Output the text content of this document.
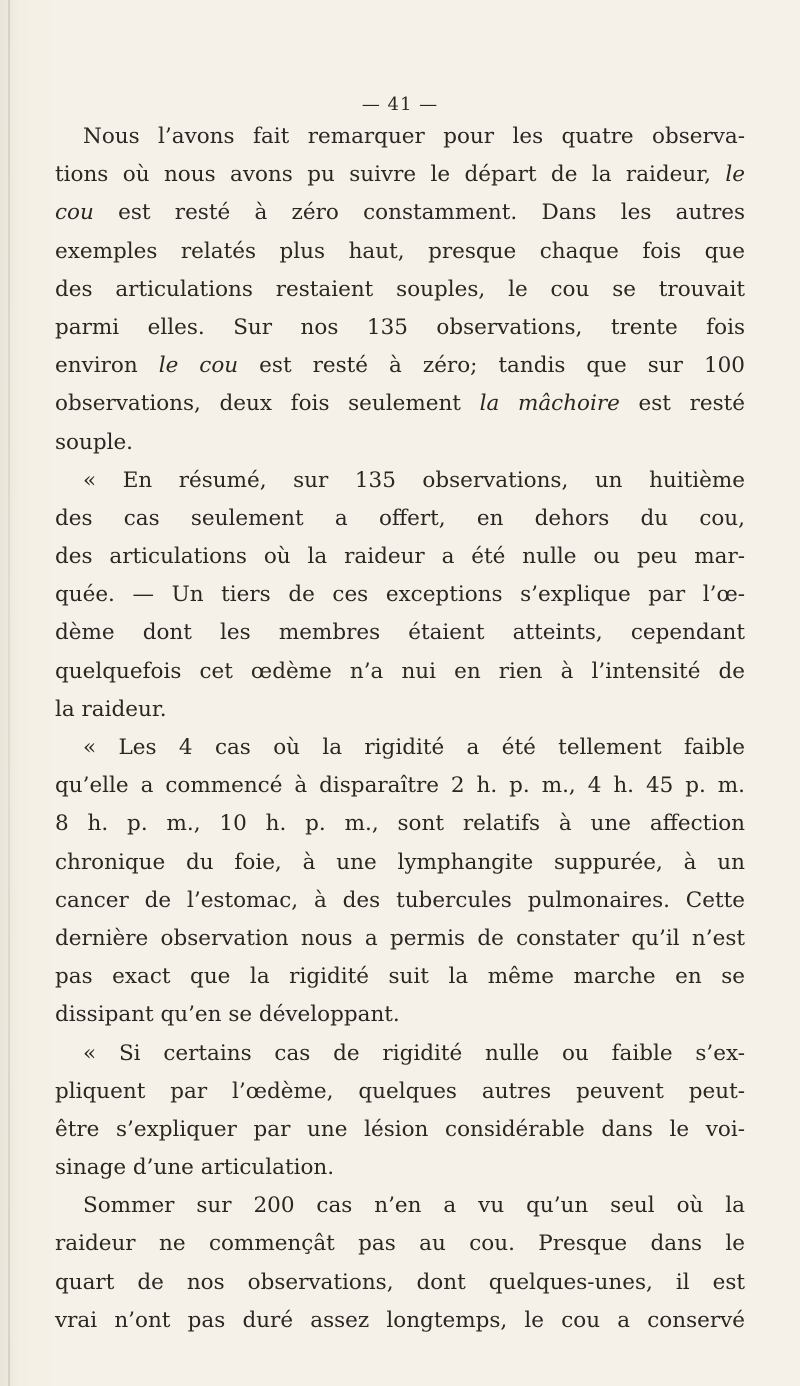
— 41 —
Nous l’avons fait remarquer pour les quatre observa-
tions où nous avons pu suivre le départ de la raideur, le
cou est resté à zéro constamment. Dans les autres
exemples relatés plus haut, presque chaque fois que
des articulations restaient souples, le cou se trouvait
parmi elles. Sur nos 135 observations, trente fois
environ le cou est resté à zéro; tandis que sur 100
observations, deux fois seulement la mâchoire est resté
souple.
« En résumé, sur 135 observations, un huitième
des cas seulement a offert, en dehors du cou,
des articulations où la raideur a été nulle ou peu mar-
quée. — Un tiers de ces exceptions s’explique par l’œ-
dème dont les membres étaient atteints, cependant
quelquefois cet œdème n’a nui en rien à l’intensité de
la raideur.
« Les 4 cas où la rigidité a été tellement faible
qu’elle a commencé à disparaître 2 h. p. m., 4 h. 45 p. m.
8 h. p. m., 10 h. p. m., sont relatifs à une affection
chronique du foie, à une lymphangite suppurée, à un
cancer de l’estomac, à des tubercules pulmonaires. Cette
dernière observation nous a permis de constater qu’il n’est
pas exact que la rigidité suit la même marche en se
dissipant qu’en se développant.
« Si certains cas de rigidité nulle ou faible s’ex-
pliquent par l’œdème, quelques autres peuvent peut-
être s’expliquer par une lésion considérable dans le voi-
sinage d’une articulation.
Sommer sur 200 cas n’en a vu qu’un seul où la
raideur ne commençât pas au cou. Presque dans le
quart de nos observations, dont quelques-unes, il est
vrai n’ont pas duré assez longtemps, le cou a conservé
